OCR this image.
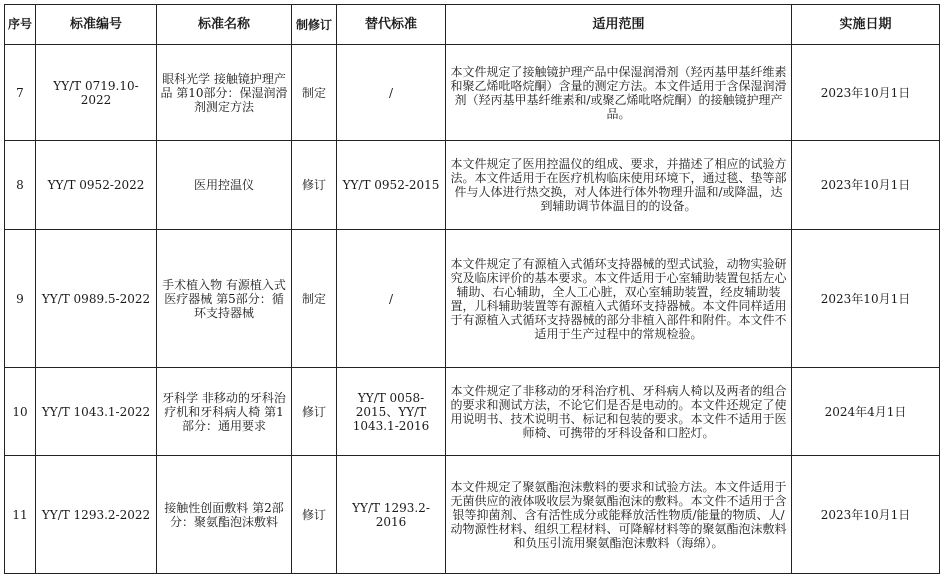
序号	标准编号	标准名称	制修订	替代标准	适用范围	实施日期
7	YY/T 0719.10-2022	眼科光学 接触镜护理产品 第10部分：保湿润滑剂测定方法	制定	/	本文件规定了接触镜护理产品中保湿润滑剂（羟丙基甲基纤维素和聚乙烯吡咯烷酮）含量的测定方法。本文件适用于含保湿润滑剂（羟丙基甲基纤维素和/或聚乙烯吡咯烷酮）的接触镜护理产品。	2023年10月1日
8	YY/T 0952-2022	医用控温仪	修订	YY/T 0952-2015	本文件规定了医用控温仪的组成、要求，并描述了相应的试验方法。本文件适用于在医疗机构临床使用环境下，通过毯、垫等部件与人体进行热交换，对人体进行体外物理升温和/或降温，达到辅助调节体温目的的设备。	2023年10月1日
9	YY/T 0989.5-2022	手术植入物 有源植入式医疗器械 第5部分：循环支持器械	制定	/	本文件规定了有源植入式循环支持器械的型式试验，动物实验研究及临床评价的基本要求。本文件适用于心室辅助装置包括左心辅助、右心辅助，全人工心脏，双心室辅助装置，经皮辅助装置，儿科辅助装置等有源植入式循环支持器械。本文件同样适用于有源植入式循环支持器械的部分非植入部件和附件。本文件不适用于生产过程中的常规检验。	2023年10月1日
10	YY/T 1043.1-2022	牙科学 非移动的牙科治疗机和牙科病人椅 第1部分：通用要求	修订	YY/T 0058-2015、YY/T 1043.1-2016	本文件规定了非移动的牙科治疗机、牙科病人椅以及两者的组合的要求和测试方法，不论它们是否是电动的。本文件还规定了使用说明书、技术说明书、标记和包装的要求。本文件不适用于医师椅、可携带的牙科设备和口腔灯。	2024年4月1日
11	YY/T 1293.2-2022	接触性创面敷料 第2部分：聚氨酯泡沫敷料	修订	YY/T 1293.2-2016	本文件规定了聚氨酯泡沫敷料的要求和试验方法。本文件适用于无菌供应的液体吸收层为聚氨酯泡沫的敷料。本文件不适用于含银等抑菌剂、含有活性成分或能释放活性物质/能量的物质、人/动物源性材料、组织工程材料、可降解材料等的聚氨酯泡沫敷料和负压引流用聚氨酯泡沫敷料（海绵）。	2023年10月1日
